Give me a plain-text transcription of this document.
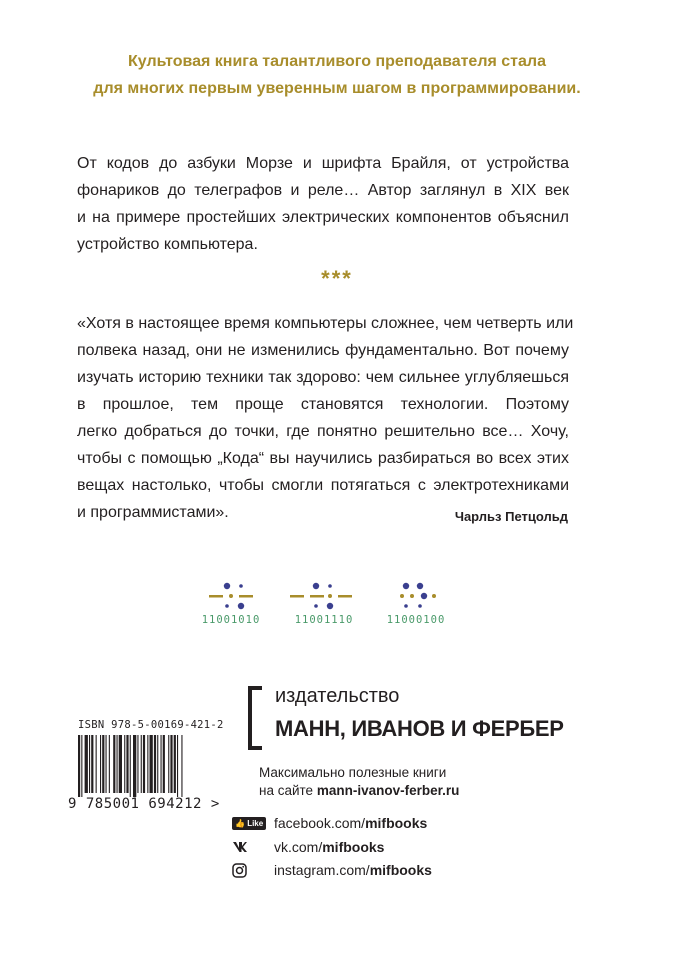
Культовая книга талантливого преподавателя стала
для многих первым уверенным шагом в программировании.
От кодов до азбуки Морзе и шрифта Брайля, от устройства
фонариков до телеграфов и реле… Автор заглянул в XIX век
и на примере простейших электрических компонентов объяснил
устройство компьютера.
***
«Хотя в настоящее время компьютеры сложнее, чем четверть или
полвека назад, они не изменились фундаментально. Вот почему
изучать историю техники так здорово: чем сильнее углубляешься
в прошлое, тем проще становятся технологии. Поэтому
легко добраться до точки, где понятно решительно все… Хочу,
чтобы с помощью „Кода“ вы научились разбираться во всех этих
вещах настолько, чтобы смогли потягаться с электротехниками
и программистами».	Чарльз Петцольд
11001010	11001110	11000100
ISBN 978-5-00169-421-2
9 785001 694212 >
издательство
МАНН, ИВАНОВ И ФЕРБЕР
Максимально полезные книги
на сайте mann-ivanov-ferber.ru
👍 Like facebook.com/ mifbooks
vk.com/ mifbooks
instagram.com/ mifbooks
